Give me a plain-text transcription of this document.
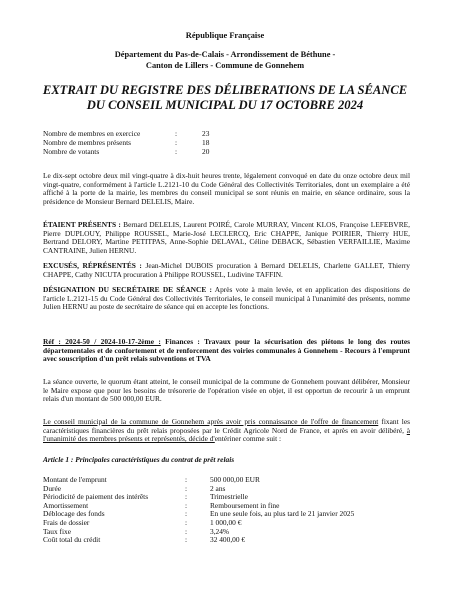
République Française
Département du Pas-de-Calais - Arrondissement de Béthune -
Canton de Lillers - Commune de Gonnehem
EXTRAIT DU REGISTRE DES DÉLIBERATIONS DE LA SÉANCE
DU CONSEIL MUNICIPAL DU 17 OCTOBRE 2024
Nombre de membres en exercice	:	23
Nombre de membres présents	:	18
Nombre de votants	:	20

Le dix-sept octobre deux mil vingt-quatre à dix-huit heures trente, légalement convoqué en date du onze octobre deux mil vingt-quatre, conformément à l'article L.2121-10 du Code Général des Collectivités Territoriales, dont un exemplaire a été affiché à la porte de la mairie, les membres du conseil municipal se sont réunis en mairie, en séance ordinaire, sous la présidence de Monsieur Bernard DELELIS, Maire.

ÉTAIENT PRÉSENTS : Bernard DELELIS, Laurent POIRÉ, Carole MURRAY, Vincent KLOS, Françoise LEFEBVRE, Pierre DUPLOUY, Philippe ROUSSEL, Marie-José LECLERCQ, Eric CHAPPE, Janique POIRIER, Thierry HUE, Bertrand DELORY, Martine PETITPAS, Anne-Sophie DELAVAL, Céline DEBACK, Sébastien VERFAILLIE, Maxime CANTRAINE, Julien HERNU.

EXCUSÉS, RÉPRÉSENTÉS : Jean-Michel DUBOIS procuration à Bernard DELELIS, Charlette GALLET, Thierry CHAPPE, Cathy NICUTA procuration à Philippe ROUSSEL, Ludivine TAFFIN.

DÉSIGNATION DU SECRÉTAIRE DE SÉANCE : Après vote à main levée, et en application des dispositions de l'article L.2121-15 du Code Général des Collectivités Territoriales, le conseil municipal à l'unanimité des présents, nomme Julien HERNU au poste de secrétaire de séance qui en accepte les fonctions.

Réf : 2024-50 / 2024-10-17-2ème : Finances : Travaux pour la sécurisation des piétons le long des routes départementales et de confortement et de renforcement des voiries communales à Gonnehem - Recours à l'emprunt avec souscription d'un prêt relais subventions et TVA

La séance ouverte, le quorum étant atteint, le conseil municipal de la commune de Gonnehem pouvant délibérer, Monsieur le Maire expose que pour les besoins de trésorerie de l'opération visée en objet, il est opportun de recourir à un emprunt relais d'un montant de 500 000,00 EUR.

Le conseil municipal de la commune de Gonnehem après avoir pris connaissance de l'offre de financement fixant les caractéristiques financières du prêt relais proposées par le Crédit Agricole Nord de France, et après en avoir délibéré, à l'unanimité des membres présents et représentés, décide d'entériner comme suit :

Article 1 : Principales caractéristiques du contrat de prêt relais
Montant de l'emprunt	:	500 000,00 EUR
Durée	:	2 ans
Périodicité de paiement des intérêts	:	Trimestrielle
Amortissement	:	Remboursement in fine
Déblocage des fonds	:	En une seule fois, au plus tard le 21 janvier 2025
Frais de dossier	:	1 000,00 €
Taux fixe	:	3,24%
Coût total du crédit	:	32 400,00 €
